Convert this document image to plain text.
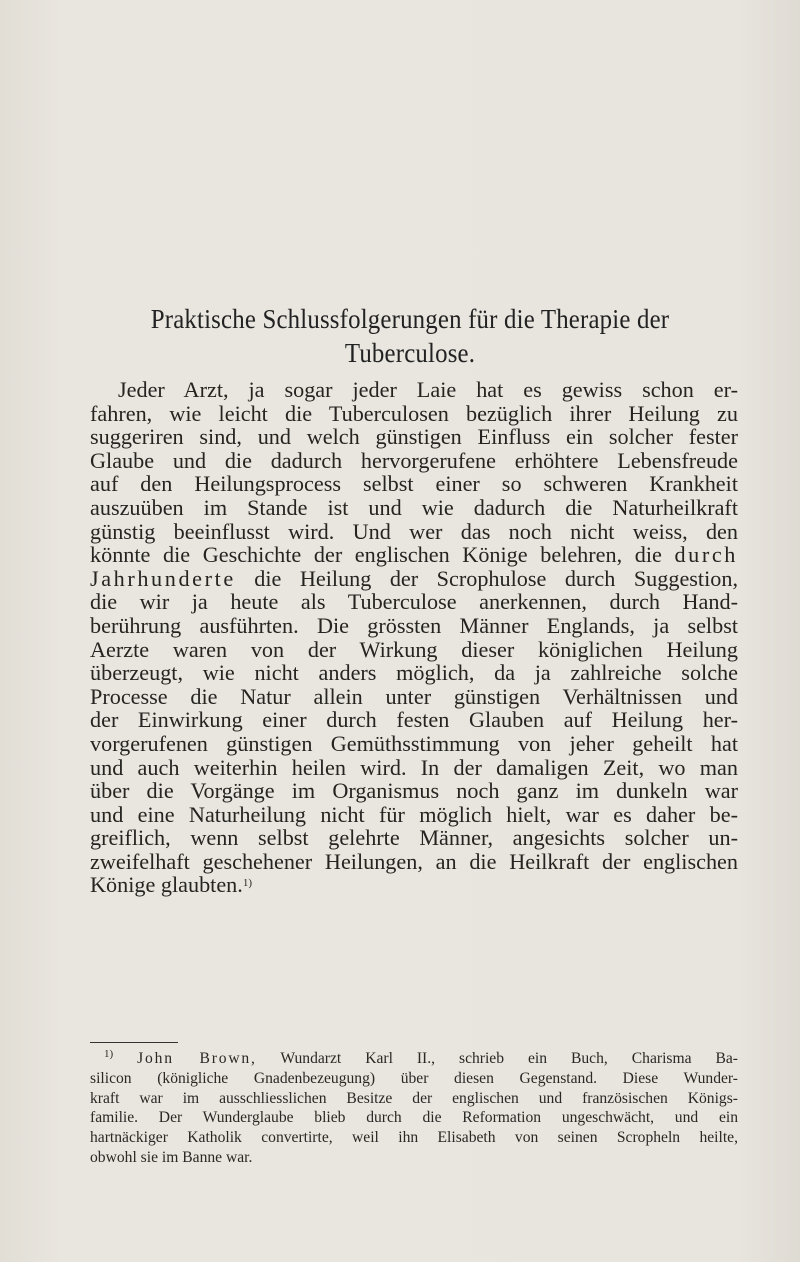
Praktische Schlussfolgerungen für die Therapie der
Tuberculose.
Jeder Arzt, ja sogar jeder Laie hat es gewiss schon er-
fahren, wie leicht die Tuberculosen bezüglich ihrer Heilung zu
suggeriren sind, und welch günstigen Einfluss ein solcher fester
Glaube und die dadurch hervorgerufene erhöhtere Lebensfreude
auf den Heilungsprocess selbst einer so schweren Krankheit
auszuüben im Stande ist und wie dadurch die Naturheilkraft
günstig beeinflusst wird. Und wer das noch nicht weiss, den
könnte die Geschichte der englischen Könige belehren, die durch
Jahrhunderte die Heilung der Scrophulose durch Suggestion,
die wir ja heute als Tuberculose anerkennen, durch Hand-
berührung ausführten. Die grössten Männer Englands, ja selbst
Aerzte waren von der Wirkung dieser königlichen Heilung
überzeugt, wie nicht anders möglich, da ja zahlreiche solche
Processe die Natur allein unter günstigen Verhältnissen und
der Einwirkung einer durch festen Glauben auf Heilung her-
vorgerufenen günstigen Gemüthsstimmung von jeher geheilt hat
und auch weiterhin heilen wird. In der damaligen Zeit, wo man
über die Vorgänge im Organismus noch ganz im dunkeln war
und eine Naturheilung nicht für möglich hielt, war es daher be-
greiflich, wenn selbst gelehrte Männer, angesichts solcher un-
zweifelhaft geschehener Heilungen, an die Heilkraft der englischen
Könige glaubten.$^{1)}$
$^{1)}$ John Brown, Wundarzt Karl II., schrieb ein Buch, Charisma Ba-
silicon (königliche Gnadenbezeugung) über diesen Gegenstand. Diese Wunder-
kraft war im ausschliesslichen Besitze der englischen und französischen Königs-
familie. Der Wunderglaube blieb durch die Reformation ungeschwächt, und ein
hartnäckiger Katholik convertirte, weil ihn Elisabeth von seinen Scropheln heilte,
obwohl sie im Banne war.
